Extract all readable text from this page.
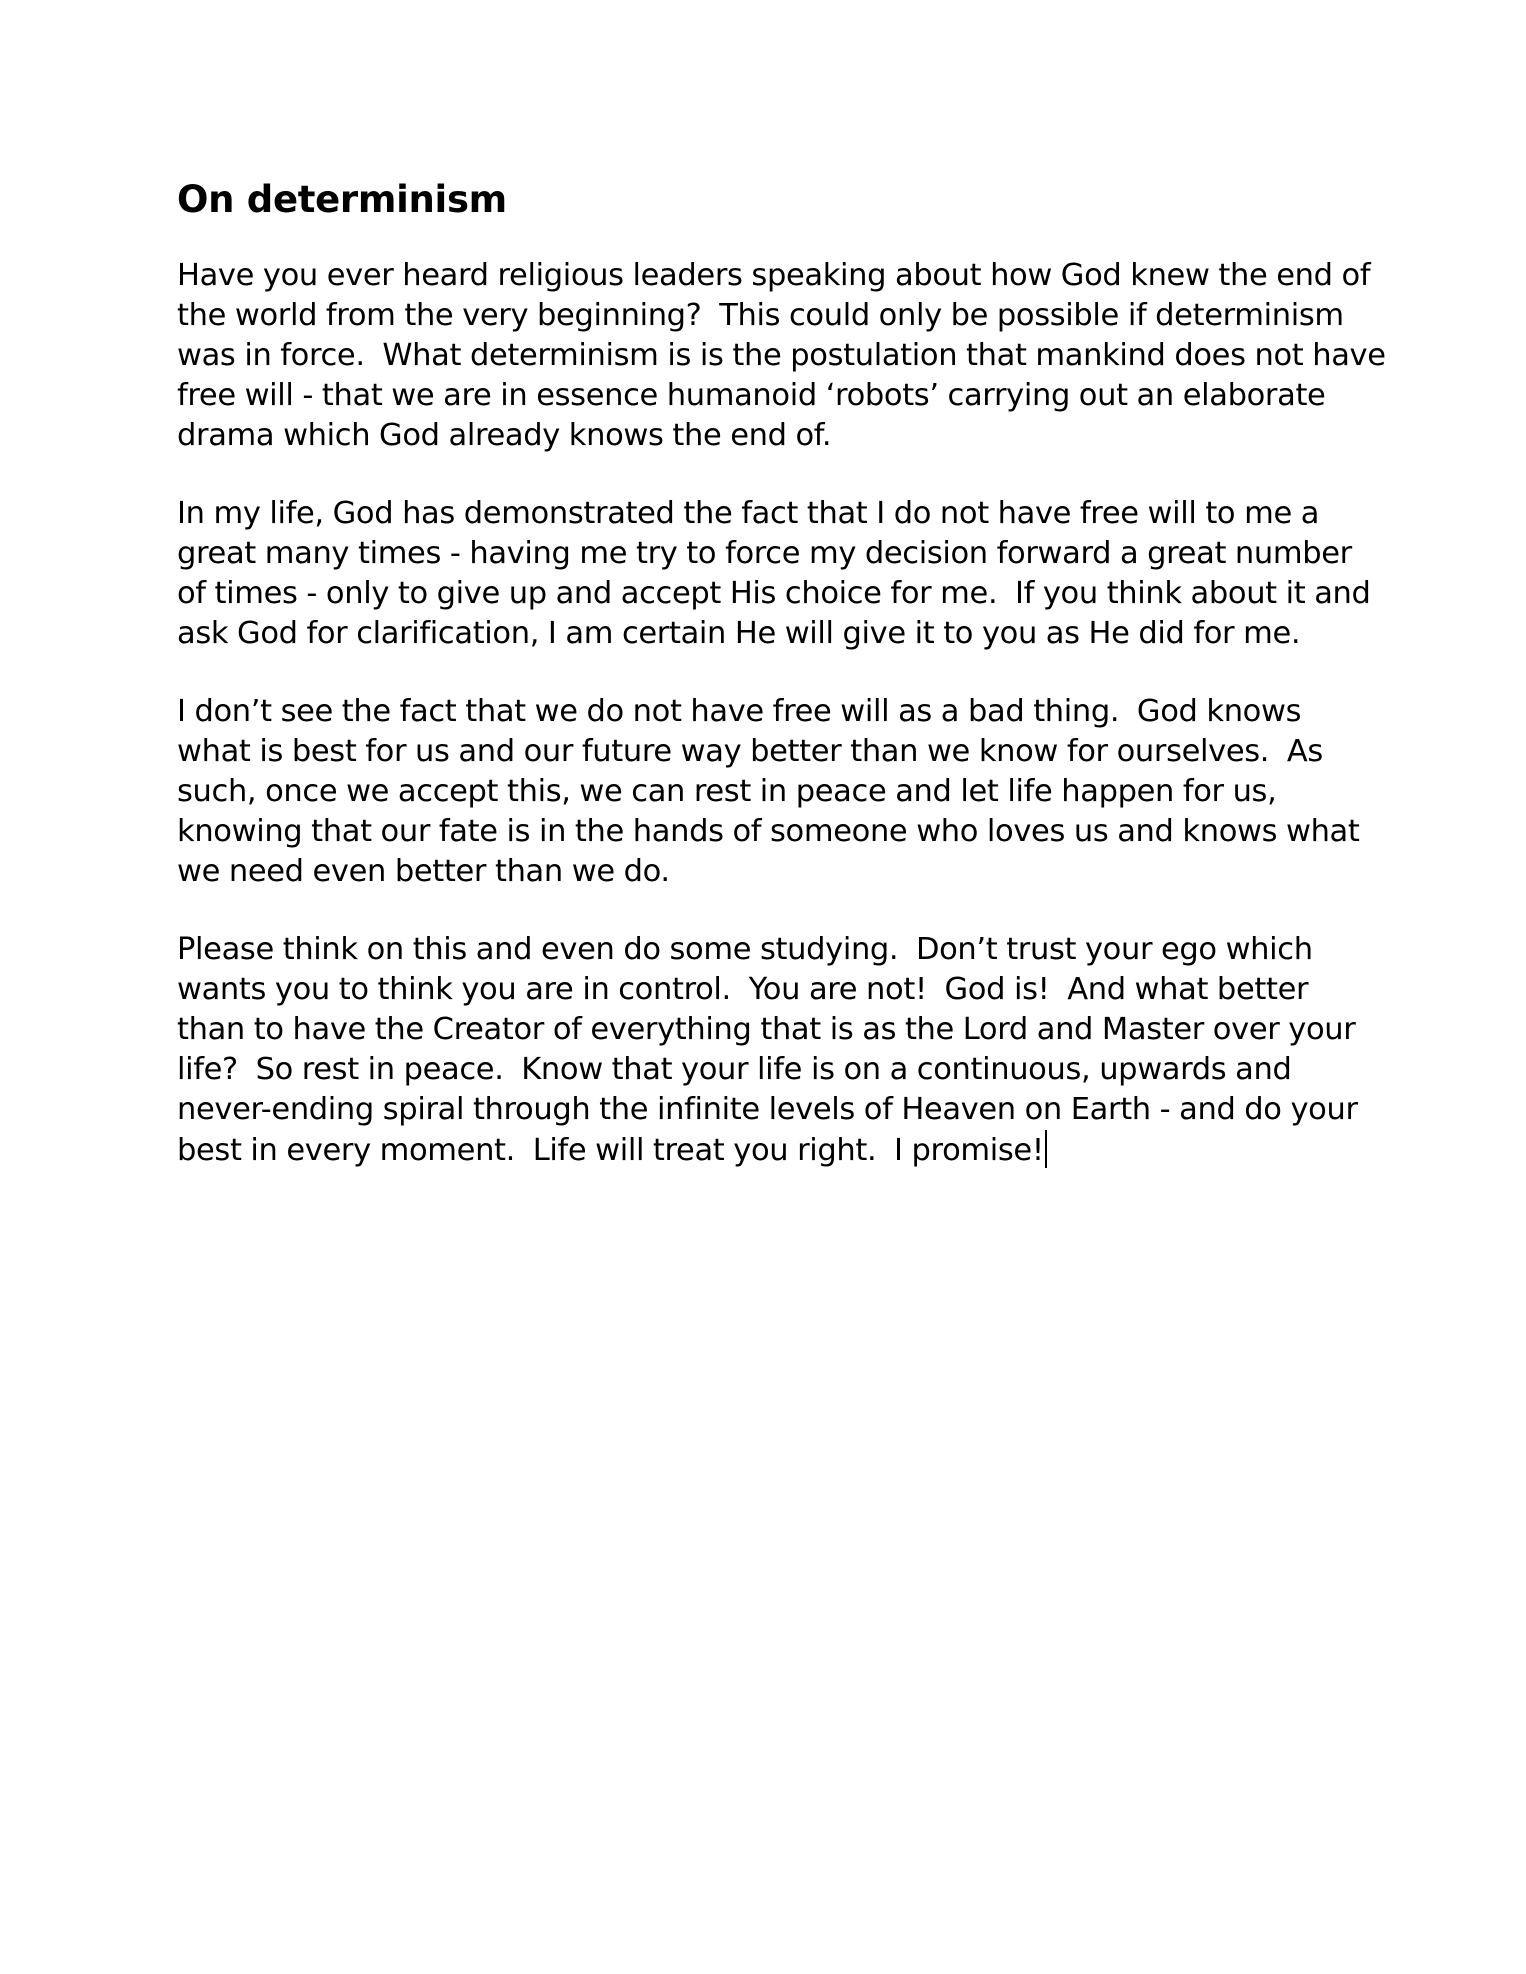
On determinism

Have you ever heard religious leaders speaking about how God knew the end of
the world from the very beginning?  This could only be possible if determinism
was in force.  What determinism is is the postulation that mankind does not have
free will - that we are in essence humanoid ‘robots’ carrying out an elaborate
drama which God already knows the end of.

In my life, God has demonstrated the fact that I do not have free will to me a
great many times - having me try to force my decision forward a great number
of times - only to give up and accept His choice for me.  If you think about it and
ask God for clarification, I am certain He will give it to you as He did for me.

I don’t see the fact that we do not have free will as a bad thing.  God knows
what is best for us and our future way better than we know for ourselves.  As
such, once we accept this, we can rest in peace and let life happen for us,
knowing that our fate is in the hands of someone who loves us and knows what
we need even better than we do.

Please think on this and even do some studying.  Don’t trust your ego which
wants you to think you are in control.  You are not!  God is!  And what better
than to have the Creator of everything that is as the Lord and Master over your
life?  So rest in peace.  Know that your life is on a continuous, upwards and
never-ending spiral through the infinite levels of Heaven on Earth - and do your
best in every moment.  Life will treat you right.  I promise!
